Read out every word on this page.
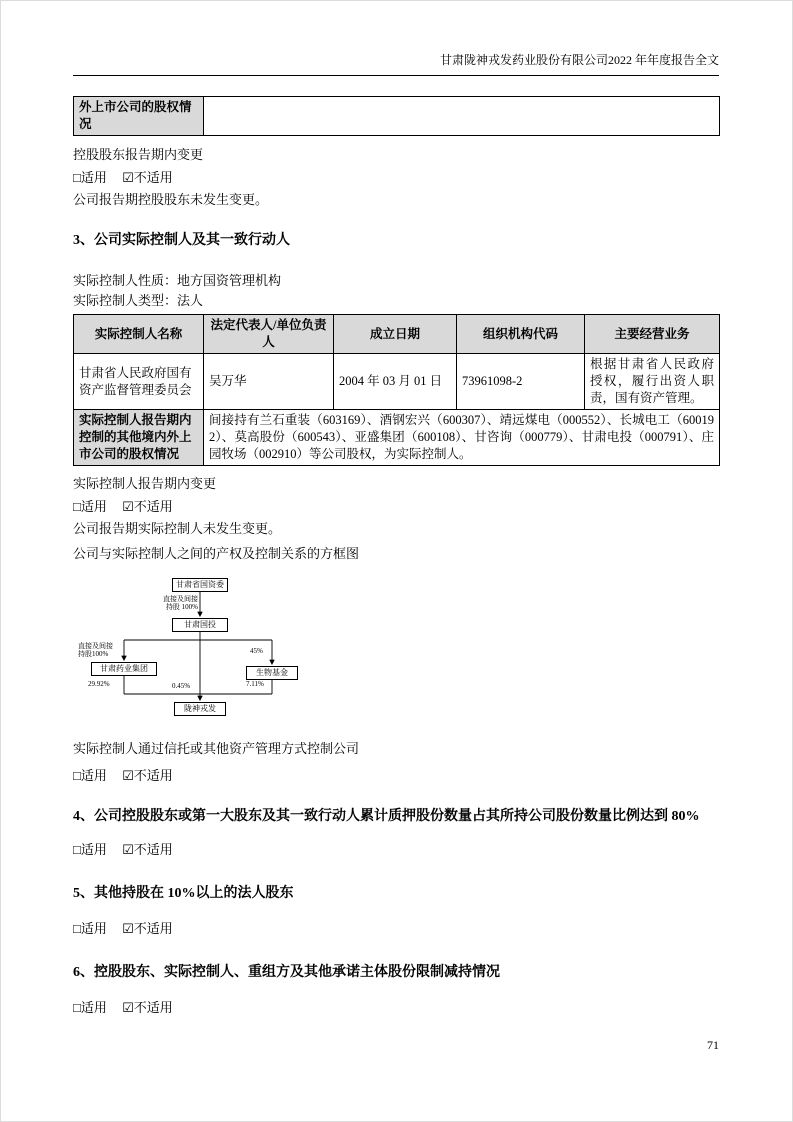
甘肃陇神戎发药业股份有限公司2022 年年度报告全文
外上市公司的股权情况	

控股股东报告期内变更

□适用 ☑不适用

公司报告期控股股东未发生变更。

3、公司实际控制人及其一致行动人

实际控制人性质：地方国资管理机构

实际控制人类型：法人

实际控制人名称	法定代表人/单位负责人	成立日期	组织机构代码	主要经营业务
甘肃省人民政府国有资产监督管理委员会	吴万华	2004 年 03 月 01 日	73961098-2	根据甘肃省人民政府授权，履行出资人职责，国有资产管理。
实际控制人报告期内控制的其他境内外上市公司的股权情况	间接持有兰石重装（603169）、酒钢宏兴（600307）、靖远煤电（000552）、长城电工（600192）、莫高股份（600543）、亚盛集团（600108）、甘咨询（000779）、甘肃电投（000791）、庄园牧场（002910）等公司股权，为实际控制人。			

实际控制人报告期内变更

□适用 ☑不适用

公司报告期实际控制人未发生变更。

公司与实际控制人之间的产权及控制关系的方框图

甘肃省国资委
直接及间接
持股 100%
甘肃国投
直接及间接
持股100%	45%
甘肃药业集团	生物基金
29.92%	0.45%	7.11%
陇神戎发

实际控制人通过信托或其他资产管理方式控制公司

□适用 ☑不适用

4、公司控股股东或第一大股东及其一致行动人累计质押股份数量占其所持公司股份数量比例达到 80%

□适用 ☑不适用

5、其他持股在 10%以上的法人股东

□适用 ☑不适用

6、控股股东、实际控制人、重组方及其他承诺主体股份限制减持情况

□适用 ☑不适用

71
